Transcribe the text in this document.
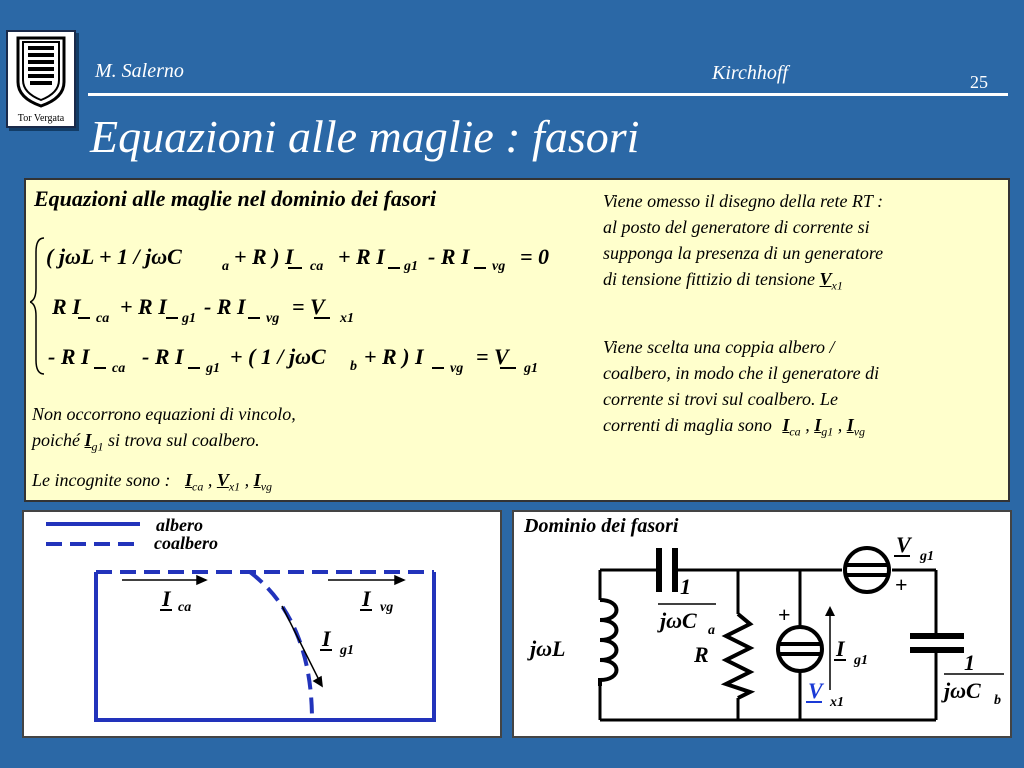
Tor Vergata
M. Salerno	Kirchhoff	25
Equazioni alle maglie : fasori
Equazioni alle maglie nel dominio dei fasori
( jωL + 1 / jωC	a + R ) I ca + R I g1 - R I vg = 0
R I ca + R I g1 - R I vg = V x1
- R I ca - R I g1 + ( 1 / jωC b + R ) I vg = V g1
Non occorrono equazioni di vincolo,
poiché $I_{g1}$ si trova sul coalbero.
Le incognite sono : $I_{ca}$ , $V_{x1}$ , $I_{vg}$
Viene omesso il disegno della rete RT :
al posto del generatore di corrente si
supponga la presenza di un generatore
di tensione fittizio di tensione $V_{x1}$
Viene scelta una coppia albero /
coalbero, in modo che il generatore di
corrente si trovi sul coalbero. Le
correnti di maglia sono $I_{ca}$ , $I_{g1}$ , $I_{vg}$
albero
coalbero
I ca	I vg
I g1
Dominio dei fasori
V g1
+
+
jωL
1
jωC a
R	I g1
V x1
1
jωC b
